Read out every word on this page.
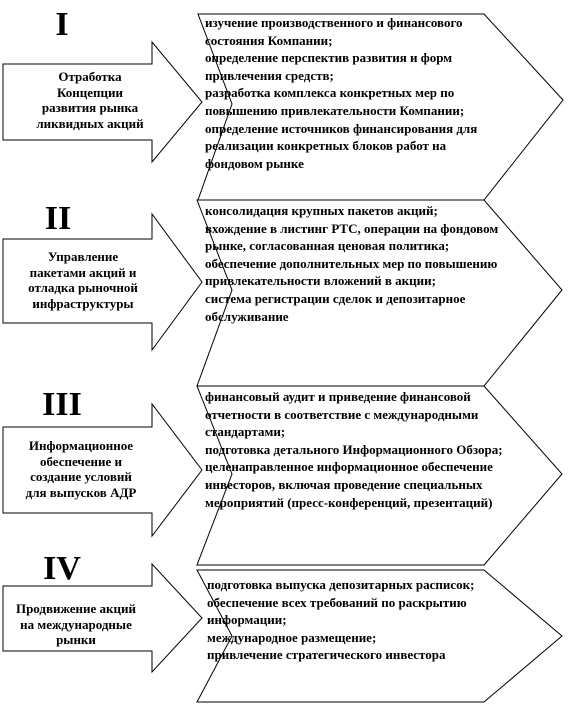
I
Отработка
Концепции
развития рынка
ликвидных акций
изучение производственного и финансового состояния Компании;
определение перспектив развития и форм привлечения средств;
разработка комплекса конкретных мер по повышению привлекательности Компании;
определение источников финансирования для реализации конкретных блоков работ на фондовом рынке
II
Управление
пакетами акций и
отладка рыночной
инфраструктуры
консолидация крупных пакетов акций;
вхождение в листинг РТС, операции на фондовом рынке, согласованная ценовая политика;
обеспечение дополнительных мер по повышению привлекательности вложений в акции;
система регистрации сделок и депозитарное обслуживание
III
Информационное
обеспечение и
создание условий
для выпусков АДР
финансовый аудит и приведение финансовой отчетности в соответствие с международными стандартами;
подготовка детального Информационного Обзора;
целенаправленное информационное обеспечение инвесторов, включая проведение специальных мероприятий (пресс-конференций, презентаций)
IV
Продвижение акций
на международные
рынки
подготовка выпуска депозитарных расписок;
обеспечение всех требований по раскрытию информации;
международное размещение;
привлечение стратегического инвестора
